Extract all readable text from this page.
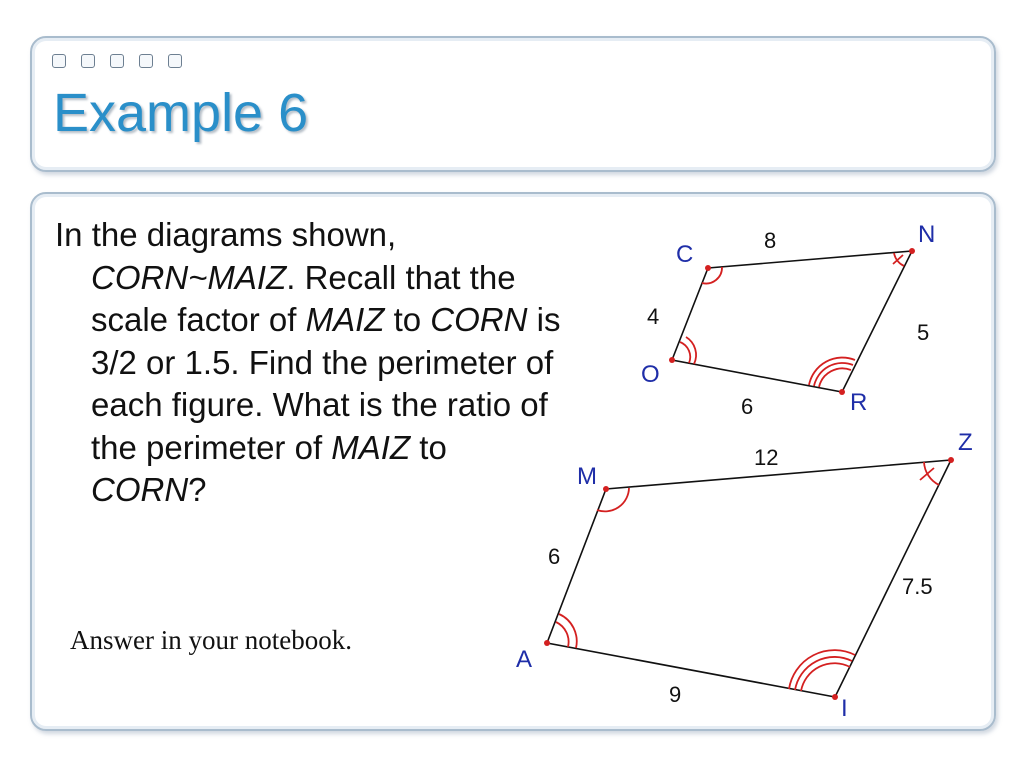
Example 6
In the diagrams shown, CORN~MAIZ. Recall that the scale factor of MAIZ to CORN is 3/2 or 1.5. Find the perimeter of each figure. What is the ratio of the perimeter of MAIZ to CORN?
Answer in your notebook.
C
N
R
O
8
4
6
5
M
Z
I
A
12
6
9
7.5
